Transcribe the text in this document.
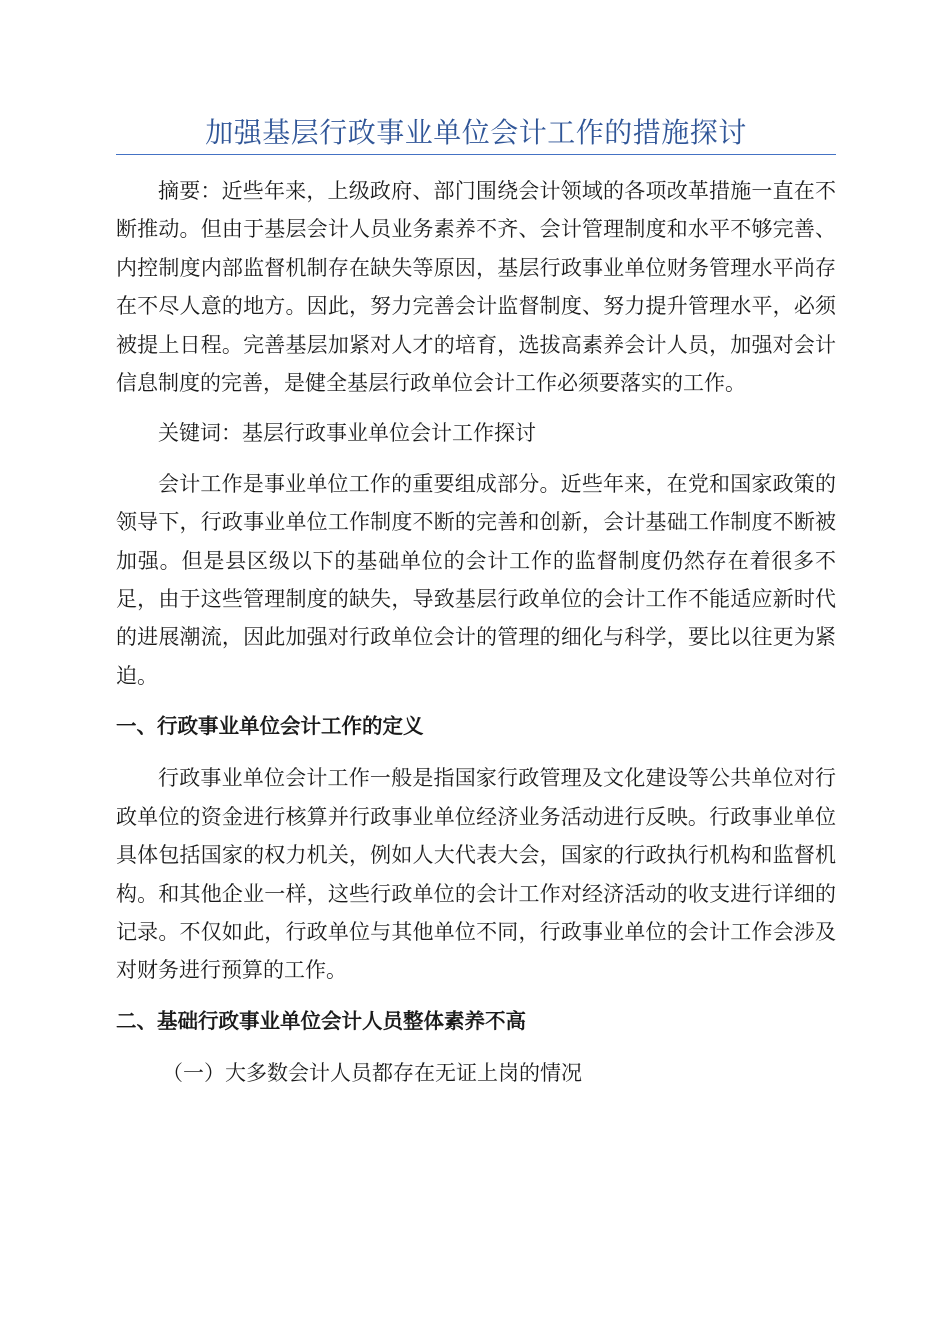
加强基层行政事业单位会计工作的措施探讨

摘要：近些年来，上级政府、部门围绕会计领域的各项改革措施一直在不断推动。但由于基层会计人员业务素养不齐、会计管理制度和水平不够完善、内控制度内部监督机制存在缺失等原因，基层行政事业单位财务管理水平尚存在不尽人意的地方。因此，努力完善会计监督制度、努力提升管理水平，必须被提上日程。完善基层加紧对人才的培育，选拔高素养会计人员，加强对会计信息制度的完善，是健全基层行政单位会计工作必须要落实的工作。

关键词：基层行政事业单位会计工作探讨

会计工作是事业单位工作的重要组成部分。近些年来，在党和国家政策的领导下，行政事业单位工作制度不断的完善和创新，会计基础工作制度不断被加强。但是县区级以下的基础单位的会计工作的监督制度仍然存在着很多不足，由于这些管理制度的缺失，导致基层行政单位的会计工作不能适应新时代的进展潮流，因此加强对行政单位会计的管理的细化与科学，要比以往更为紧迫。

一、行政事业单位会计工作的定义

行政事业单位会计工作一般是指国家行政管理及文化建设等公共单位对行政单位的资金进行核算并行政事业单位经济业务活动进行反映。行政事业单位具体包括国家的权力机关，例如人大代表大会，国家的行政执行机构和监督机构。和其他企业一样，这些行政单位的会计工作对经济活动的收支进行详细的记录。不仅如此，行政单位与其他单位不同，行政事业单位的会计工作会涉及对财务进行预算的工作。

二、基础行政事业单位会计人员整体素养不高

（一）大多数会计人员都存在无证上岗的情况
